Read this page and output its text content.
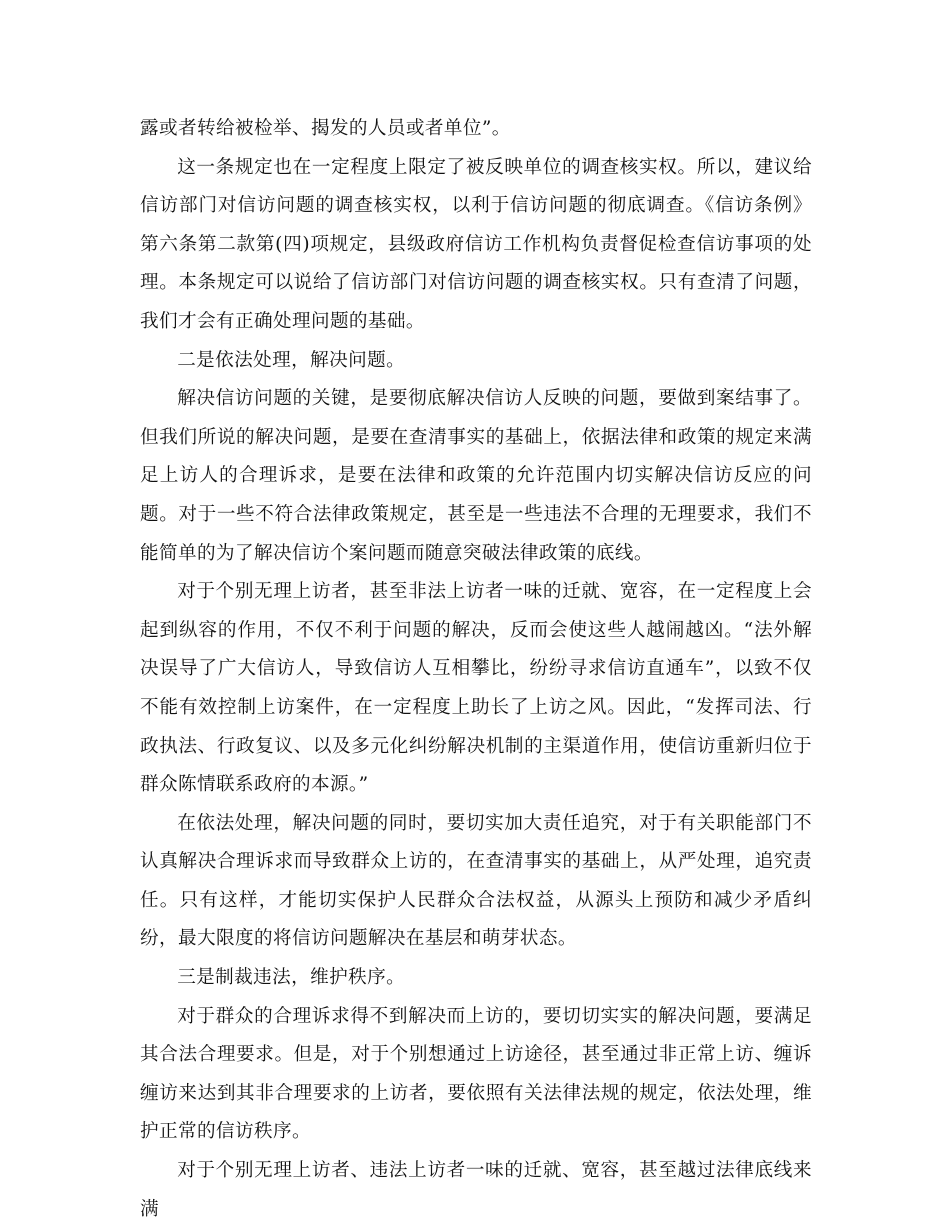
露或者转给被检举、揭发的人员或者单位”。

这一条规定也在一定程度上限定了被反映单位的调查核实权。所以，建议给信访部门对信访问题的调查核实权，以利于信访问题的彻底调查。《信访条例》第六条第二款第(四)项规定，县级政府信访工作机构负责督促检查信访事项的处理。本条规定可以说给了信访部门对信访问题的调查核实权。只有查清了问题，我们才会有正确处理问题的基础。

二是依法处理，解决问题。

解决信访问题的关键，是要彻底解决信访人反映的问题，要做到案结事了。但我们所说的解决问题，是要在查清事实的基础上，依据法律和政策的规定来满足上访人的合理诉求，是要在法律和政策的允许范围内切实解决信访反应的问题。对于一些不符合法律政策规定，甚至是一些违法不合理的无理要求，我们不能简单的为了解决信访个案问题而随意突破法律政策的底线。

对于个别无理上访者，甚至非法上访者一味的迁就、宽容，在一定程度上会起到纵容的作用，不仅不利于问题的解决，反而会使这些人越闹越凶。“法外解决误导了广大信访人，导致信访人互相攀比，纷纷寻求信访直通车”，以致不仅不能有效控制上访案件，在一定程度上助长了上访之风。因此，“发挥司法、行政执法、行政复议、以及多元化纠纷解决机制的主渠道作用，使信访重新归位于群众陈情联系政府的本源。”

在依法处理，解决问题的同时，要切实加大责任追究，对于有关职能部门不认真解决合理诉求而导致群众上访的，在查清事实的基础上，从严处理，追究责任。只有这样，才能切实保护人民群众合法权益，从源头上预防和减少矛盾纠纷，最大限度的将信访问题解决在基层和萌芽状态。

三是制裁违法，维护秩序。

对于群众的合理诉求得不到解决而上访的，要切切实实的解决问题，要满足其合法合理要求。但是，对于个别想通过上访途径，甚至通过非正常上访、缠诉缠访来达到其非合理要求的上访者，要依照有关法律法规的规定，依法处理，维护正常的信访秩序。

对于个别无理上访者、违法上访者一味的迁就、宽容，甚至越过法律底线来满
